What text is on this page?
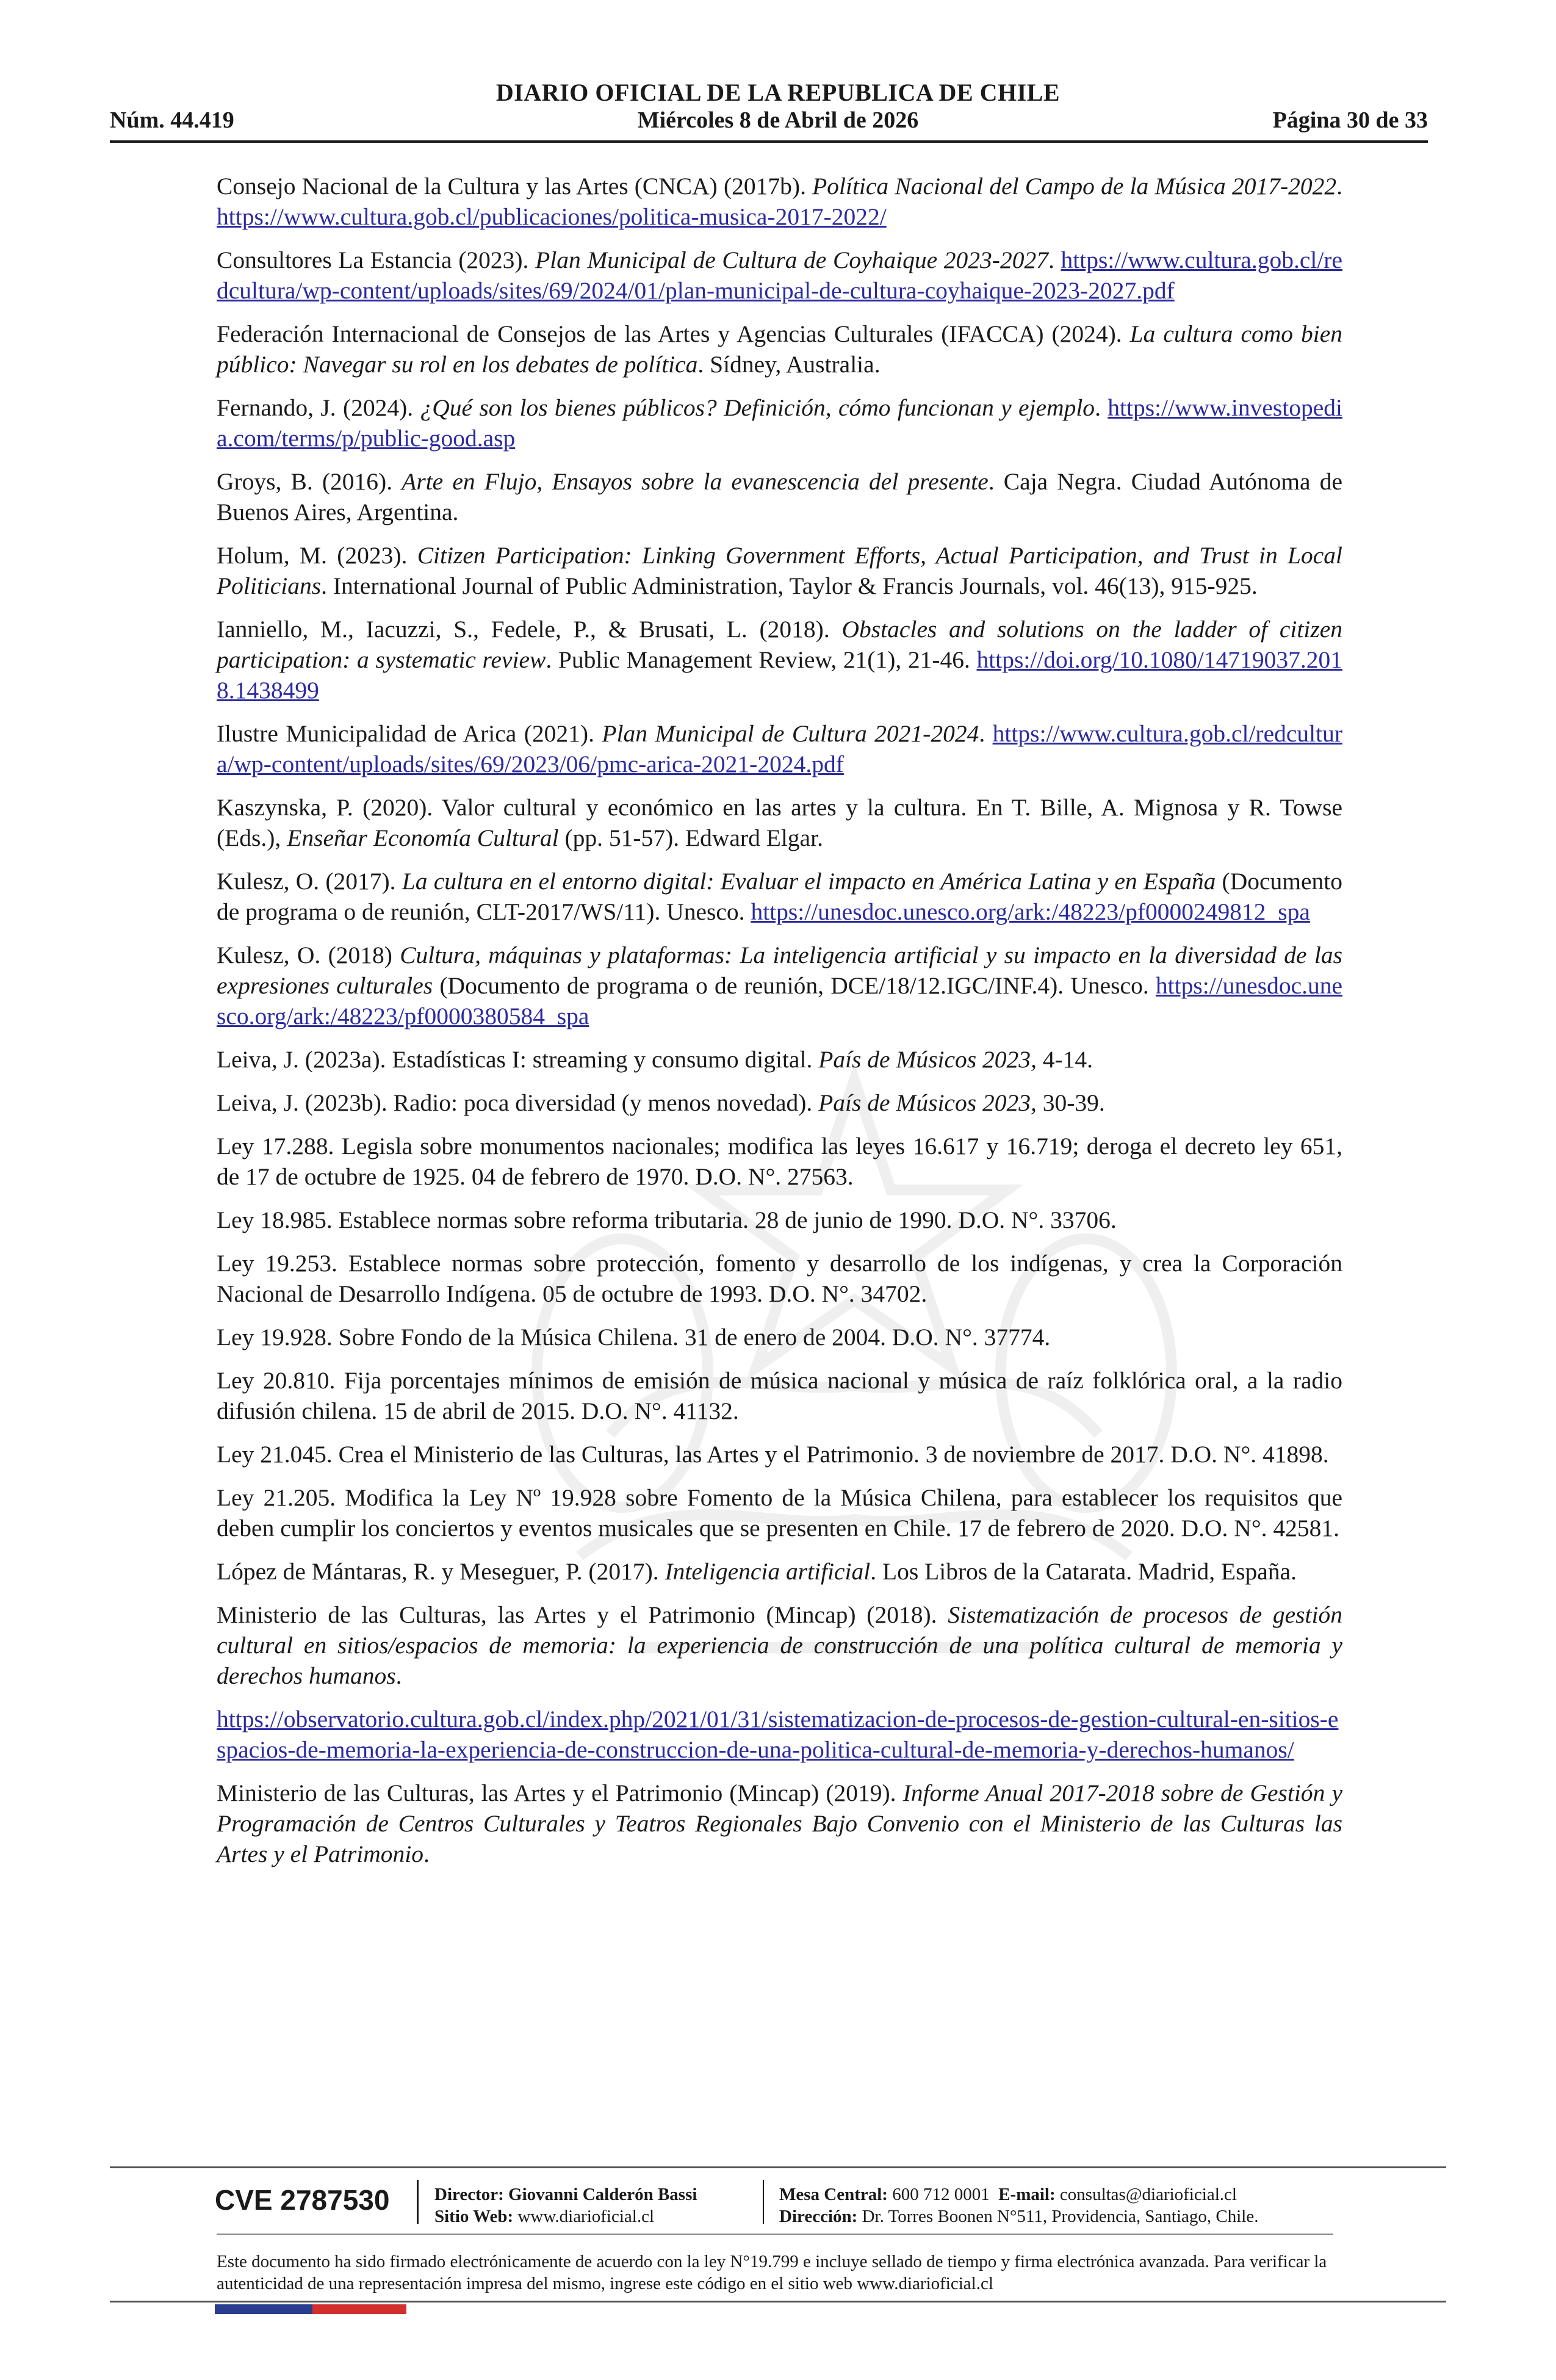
DIARIO OFICIAL DE LA REPUBLICA DE CHILE
Núm. 44.419	Miércoles 8 de Abril de 2026	Página 30 de 33

Consejo Nacional de la Cultura y las Artes (CNCA) (2017b). Política Nacional del Campo de la Música 2017-2022. https://www.cultura.gob.cl/publicaciones/politica-musica-2017-2022/

Consultores La Estancia (2023). Plan Municipal de Cultura de Coyhaique 2023-2027. https://www.cultura.gob.cl/redcultura/wp-content/uploads/sites/69/2024/01/plan-municipal-de-cultura-coyhaique-2023-2027.pdf

Federación Internacional de Consejos de las Artes y Agencias Culturales (IFACCA) (2024). La cultura como bien público: Navegar su rol en los debates de política. Sídney, Australia.

Fernando, J. (2024). ¿Qué son los bienes públicos? Definición, cómo funcionan y ejemplo. https://www.investopedia.com/terms/p/public-good.asp

Groys, B. (2016). Arte en Flujo, Ensayos sobre la evanescencia del presente. Caja Negra. Ciudad Autónoma de Buenos Aires, Argentina.

Holum, M. (2023). Citizen Participation: Linking Government Efforts, Actual Participation, and Trust in Local Politicians. International Journal of Public Administration, Taylor & Francis Journals, vol. 46(13), 915-925.

Ianniello, M., Iacuzzi, S., Fedele, P., & Brusati, L. (2018). Obstacles and solutions on the ladder of citizen participation: a systematic review. Public Management Review, 21(1), 21-46. https://doi.org/10.1080/14719037.2018.1438499

Ilustre Municipalidad de Arica (2021). Plan Municipal de Cultura 2021-2024. https://www.cultura.gob.cl/redcultura/wp-content/uploads/sites/69/2023/06/pmc-arica-2021-2024.pdf

Kaszynska, P. (2020). Valor cultural y económico en las artes y la cultura. En T. Bille, A. Mignosa y R. Towse (Eds.), Enseñar Economía Cultural (pp. 51-57). Edward Elgar.

Kulesz, O. (2017). La cultura en el entorno digital: Evaluar el impacto en América Latina y en España (Documento de programa o de reunión, CLT-2017/WS/11). Unesco. https://unesdoc.unesco.org/ark:/48223/pf0000249812_spa

Kulesz, O. (2018) Cultura, máquinas y plataformas: La inteligencia artificial y su impacto en la diversidad de las expresiones culturales (Documento de programa o de reunión, DCE/18/12.IGC/INF.4). Unesco. https://unesdoc.unesco.org/ark:/48223/pf0000380584_spa

Leiva, J. (2023a). Estadísticas I: streaming y consumo digital. País de Músicos 2023, 4-14.

Leiva, J. (2023b). Radio: poca diversidad (y menos novedad). País de Músicos 2023, 30-39.

Ley 17.288. Legisla sobre monumentos nacionales; modifica las leyes 16.617 y 16.719; deroga el decreto ley 651, de 17 de octubre de 1925. 04 de febrero de 1970. D.O. N°. 27563.

Ley 18.985. Establece normas sobre reforma tributaria. 28 de junio de 1990. D.O. N°. 33706.

Ley 19.253. Establece normas sobre protección, fomento y desarrollo de los indígenas, y crea la Corporación Nacional de Desarrollo Indígena. 05 de octubre de 1993. D.O. N°. 34702.

Ley 19.928. Sobre Fondo de la Música Chilena. 31 de enero de 2004. D.O. N°. 37774.

Ley 20.810. Fija porcentajes mínimos de emisión de música nacional y música de raíz folklórica oral, a la radio difusión chilena. 15 de abril de 2015. D.O. N°. 41132.

Ley 21.045. Crea el Ministerio de las Culturas, las Artes y el Patrimonio. 3 de noviembre de 2017. D.O. N°. 41898.

Ley 21.205. Modifica la Ley Nº 19.928 sobre Fomento de la Música Chilena, para establecer los requisitos que deben cumplir los conciertos y eventos musicales que se presenten en Chile. 17 de febrero de 2020. D.O. N°. 42581.

López de Mántaras, R. y Meseguer, P. (2017). Inteligencia artificial. Los Libros de la Catarata. Madrid, España.

Ministerio de las Culturas, las Artes y el Patrimonio (Mincap) (2018). Sistematización de procesos de gestión cultural en sitios/espacios de memoria: la experiencia de construcción de una política cultural de memoria y derechos humanos.

https://observatorio.cultura.gob.cl/index.php/2021/01/31/sistematizacion-de-procesos-de-gestion-cultural-en-sitios-espacios-de-memoria-la-experiencia-de-construccion-de-una-politica-cultural-de-memoria-y-derechos-humanos/

Ministerio de las Culturas, las Artes y el Patrimonio (Mincap) (2019). Informe Anual 2017-2018 sobre de Gestión y Programación de Centros Culturales y Teatros Regionales Bajo Convenio con el Ministerio de las Culturas las Artes y el Patrimonio.

CVE 2787530	Director: Giovanni Calderón Bassi
Sitio Web: www.diarioficial.cl
Mesa Central: 600 712 0001 E-mail: consultas@diarioficial.cl
Dirección: Dr. Torres Boonen N°511, Providencia, Santiago, Chile.
Este documento ha sido firmado electrónicamente de acuerdo con la ley N°19.799 e incluye sellado de tiempo y firma electrónica avanzada. Para verificar la autenticidad de una representación impresa del mismo, ingrese este código en el sitio web www.diarioficial.cl
